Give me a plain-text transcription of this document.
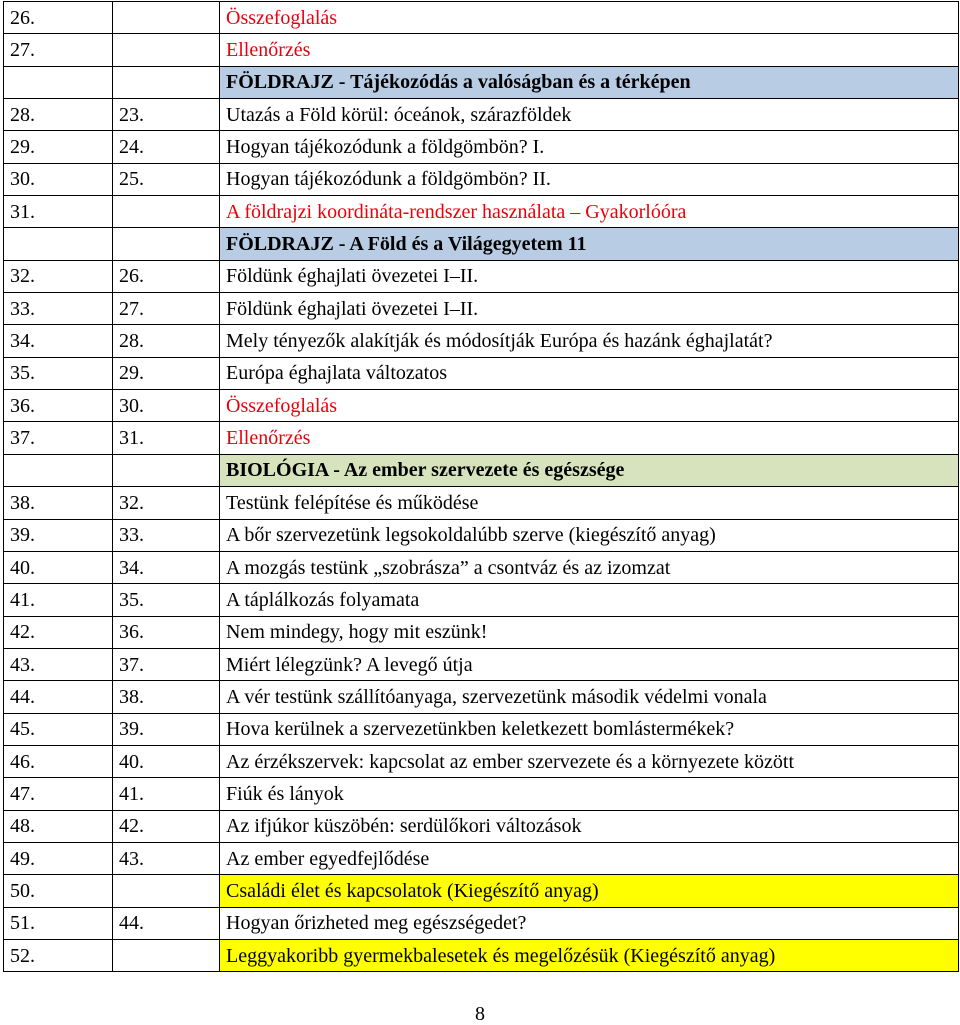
26.		Összefoglalás
27.		Ellenőrzés
		FÖLDRAJZ - Tájékozódás a valóságban és a térképen
28.	23.	Utazás a Föld körül: óceánok, szárazföldek
29.	24.	Hogyan tájékozódunk a földgömbön? I.
30.	25.	Hogyan tájékozódunk a földgömbön? II.
31.		A földrajzi koordináta-rendszer használata – Gyakorlóóra
		FÖLDRAJZ - A Föld és a Világegyetem 11
32.	26.	Földünk éghajlati övezetei I–II.
33.	27.	Földünk éghajlati övezetei I–II.
34.	28.	Mely tényezők alakítják és módosítják Európa és hazánk éghajlatát?
35.	29.	Európa éghajlata változatos
36.	30.	Összefoglalás
37.	31.	Ellenőrzés
		BIOLÓGIA - Az ember szervezete és egészsége
38.	32.	Testünk felépítése és működése
39.	33.	A bőr szervezetünk legsokoldalúbb szerve (kiegészítő anyag)
40.	34.	A mozgás testünk „szobrásza” a csontváz és az izomzat
41.	35.	A táplálkozás folyamata
42.	36.	Nem mindegy, hogy mit eszünk!
43.	37.	Miért lélegzünk? A levegő útja
44.	38.	A vér testünk szállítóanyaga, szervezetünk második védelmi vonala
45.	39.	Hova kerülnek a szervezetünkben keletkezett bomlástermékek?
46.	40.	Az érzékszervek: kapcsolat az ember szervezete és a környezete között
47.	41.	Fiúk és lányok
48.	42.	Az ifjúkor küszöbén: serdülőkori változások
49.	43.	Az ember egyedfejlődése
50.		Családi élet és kapcsolatok (Kiegészítő anyag)
51.	44.	Hogyan őrizheted meg egészségedet?
52.		Leggyakoribb gyermekbalesetek és megelőzésük (Kiegészítő anyag)
8
